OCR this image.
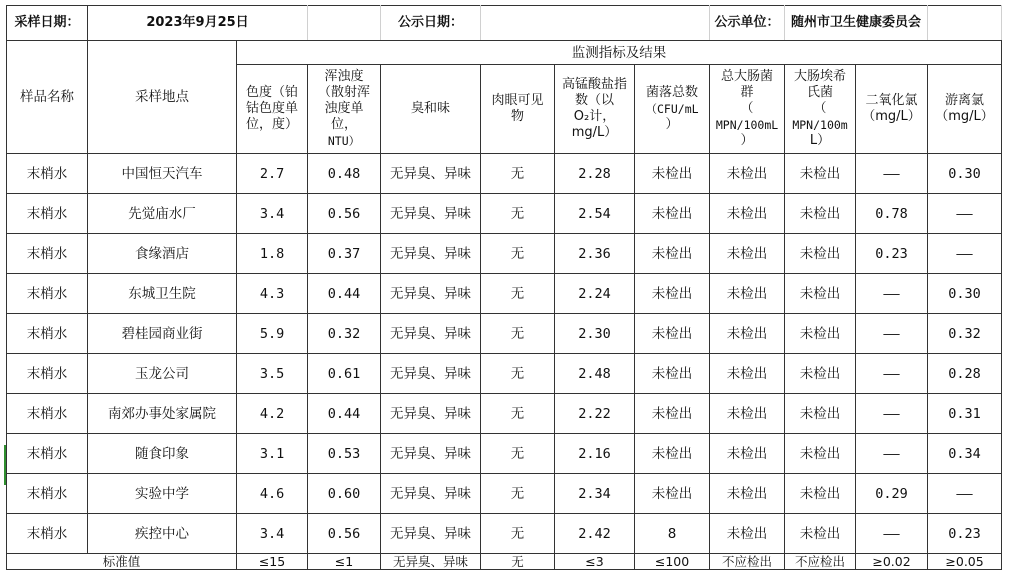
采样日期：	2023年9月25日			公示日期：				公示单位：	随州市卫生健康委员会		
样品名称	采样地点	监测指标及结果									

		色度（铂
钴色度单
位，度）	浑浊度
（散射浑
浊度单
位，
NTU）	臭和味	肉眼可见
物	高锰酸盐指
数（以
O₂计，
mg/L）	菌落总数
（CFU/mL
）	总大肠菌
群
（
MPN/100mL
）	大肠埃希
氏菌
（
MPN/100m
L）	二氧化氯
（mg/L）	游离氯
（mg/L）

末梢水	中国恒天汽车	2.7	0.48	无异臭、异味	无	2.28	未检出	未检出	未检出	——	0.30
末梢水	先觉庙水厂	3.4	0.56	无异臭、异味	无	2.54	未检出	未检出	未检出	0.78	——
末梢水	食缘酒店	1.8	0.37	无异臭、异味	无	2.36	未检出	未检出	未检出	0.23	——
末梢水	东城卫生院	4.3	0.44	无异臭、异味	无	2.24	未检出	未检出	未检出	——	0.30
末梢水	碧桂园商业街	5.9	0.32	无异臭、异味	无	2.30	未检出	未检出	未检出	——	0.32
末梢水	玉龙公司	3.5	0.61	无异臭、异味	无	2.48	未检出	未检出	未检出	——	0.28
末梢水	南郊办事处家属院	4.2	0.44	无异臭、异味	无	2.22	未检出	未检出	未检出	——	0.31
末梢水	随食印象	3.1	0.53	无异臭、异味	无	2.16	未检出	未检出	未检出	——	0.34
末梢水	实验中学	4.6	0.60	无异臭、异味	无	2.34	未检出	未检出	未检出	0.29	——
末梢水	疾控中心	3.4	0.56	无异臭、异味	无	2.42	8	未检出	未检出	——	0.23
标准值		≤15	≤1	无异臭、异味	无	≤3	≤100	不应检出	不应检出	≥0.02	≥0.05
